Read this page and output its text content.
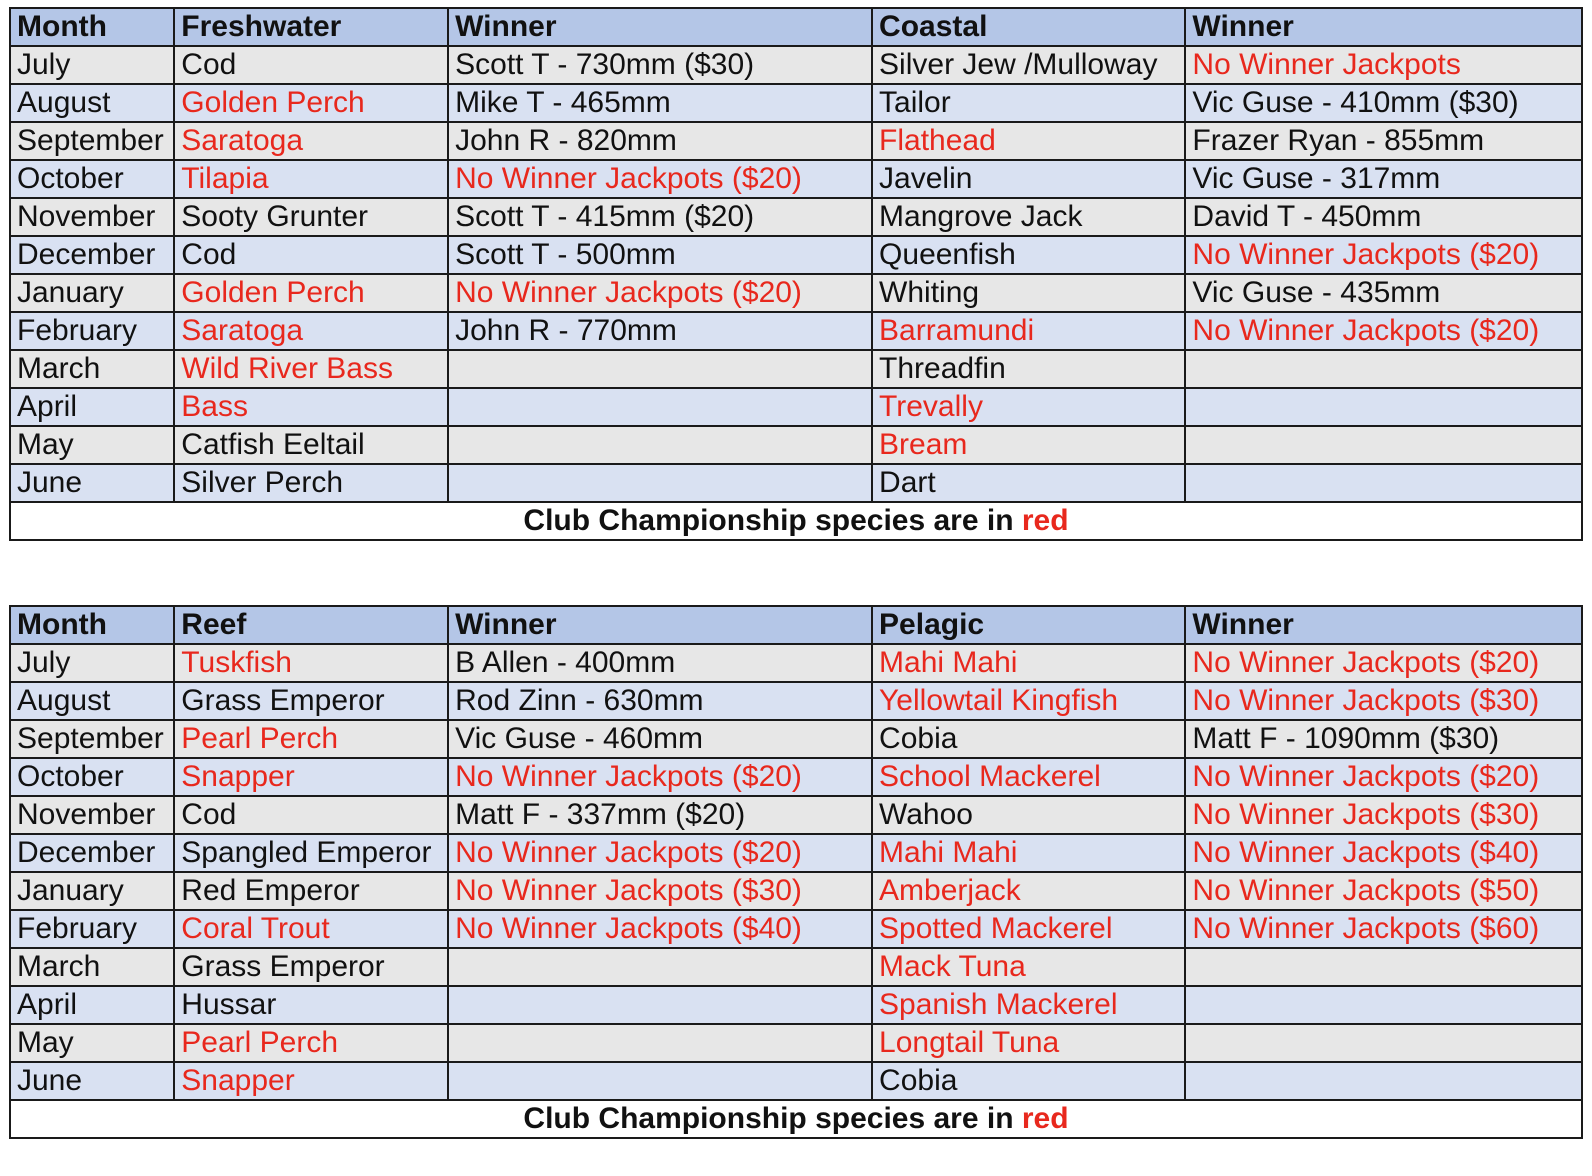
Month	Freshwater	Winner	Coastal	Winner
July	Cod	Scott T - 730mm ($30)	Silver Jew /Mulloway	No Winner Jackpots
August	Golden Perch	Mike T - 465mm	Tailor	Vic Guse - 410mm ($30)
September	Saratoga	John R - 820mm	Flathead	Frazer Ryan - 855mm
October	Tilapia	No Winner Jackpots ($20)	Javelin	Vic Guse - 317mm
November	Sooty Grunter	Scott T - 415mm ($20)	Mangrove Jack	David T - 450mm
December	Cod	Scott T - 500mm	Queenfish	No Winner Jackpots ($20)
January	Golden Perch	No Winner Jackpots ($20)	Whiting	Vic Guse - 435mm
February	Saratoga	John R - 770mm	Barramundi	No Winner Jackpots ($20)
March	Wild River Bass		Threadfin	
April	Bass		Trevally	
May	Catfish Eeltail		Bream	
June	Silver Perch		Dart	
Club Championship species are in red				
Month	Reef	Winner	Pelagic	Winner
July	Tuskfish	B Allen - 400mm	Mahi Mahi	No Winner Jackpots ($20)
August	Grass Emperor	Rod Zinn - 630mm	Yellowtail Kingfish	No Winner Jackpots ($30)
September	Pearl Perch	Vic Guse - 460mm	Cobia	Matt F - 1090mm ($30)
October	Snapper	No Winner Jackpots ($20)	School Mackerel	No Winner Jackpots ($20)
November	Cod	Matt F - 337mm ($20)	Wahoo	No Winner Jackpots ($30)
December	Spangled Emperor	No Winner Jackpots ($20)	Mahi Mahi	No Winner Jackpots ($40)
January	Red Emperor	No Winner Jackpots ($30)	Amberjack	No Winner Jackpots ($50)
February	Coral Trout	No Winner Jackpots ($40)	Spotted Mackerel	No Winner Jackpots ($60)
March	Grass Emperor		Mack Tuna	
April	Hussar		Spanish Mackerel	
May	Pearl Perch		Longtail Tuna	
June	Snapper		Cobia	
Club Championship species are in red				
